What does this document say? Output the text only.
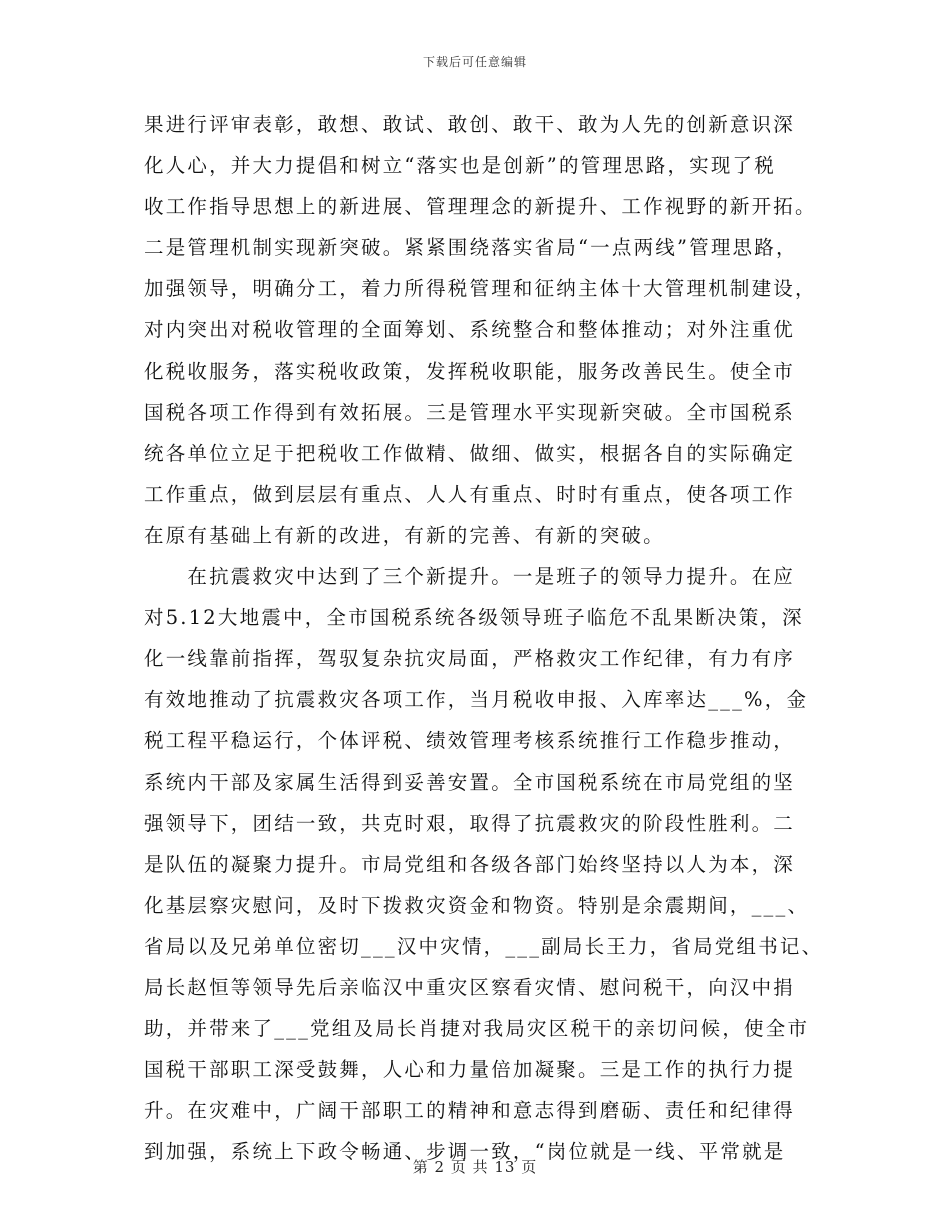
下载后可任意编辑
果进行评审表彰，敢想、敢试、敢创、敢干、敢为人先的创新意识深
化人心，并大力提倡和树立“落实也是创新”的管理思路，实现了税
收工作指导思想上的新进展、管理理念的新提升、工作视野的新开拓。
二是管理机制实现新突破。紧紧围绕落实省局“一点两线”管理思路，
加强领导，明确分工，着力所得税管理和征纳主体十大管理机制建设，
对内突出对税收管理的全面筹划、系统整合和整体推动；对外注重优
化税收服务，落实税收政策，发挥税收职能，服务改善民生。使全市
国税各项工作得到有效拓展。三是管理水平实现新突破。全市国税系
统各单位立足于把税收工作做精、做细、做实，根据各自的实际确定
工作重点，做到层层有重点、人人有重点、时时有重点，使各项工作
在原有基础上有新的改进，有新的完善、有新的突破。
　　在抗震救灾中达到了三个新提升。一是班子的领导力提升。在应
对5.12大地震中，全市国税系统各级领导班子临危不乱果断决策，深
化一线靠前指挥，驾驭复杂抗灾局面，严格救灾工作纪律，有力有序
有效地推动了抗震救灾各项工作，当月税收申报、入库率达___%，金
税工程平稳运行，个体评税、绩效管理考核系统推行工作稳步推动，
系统内干部及家属生活得到妥善安置。全市国税系统在市局党组的坚
强领导下，团结一致，共克时艰，取得了抗震救灾的阶段性胜利。二
是队伍的凝聚力提升。市局党组和各级各部门始终坚持以人为本，深
化基层察灾慰问，及时下拨救灾资金和物资。特别是余震期间，___、
省局以及兄弟单位密切___汉中灾情，___副局长王力，省局党组书记、
局长赵恒等领导先后亲临汉中重灾区察看灾情、慰问税干，向汉中捐
助，并带来了___党组及局长肖捷对我局灾区税干的亲切问候，使全市
国税干部职工深受鼓舞，人心和力量倍加凝聚。三是工作的执行力提
升。在灾难中，广阔干部职工的精神和意志得到磨砺、责任和纪律得
到加强，系统上下政令畅通、步调一致，“岗位就是一线、平常就是
第 2 页 共 13 页
